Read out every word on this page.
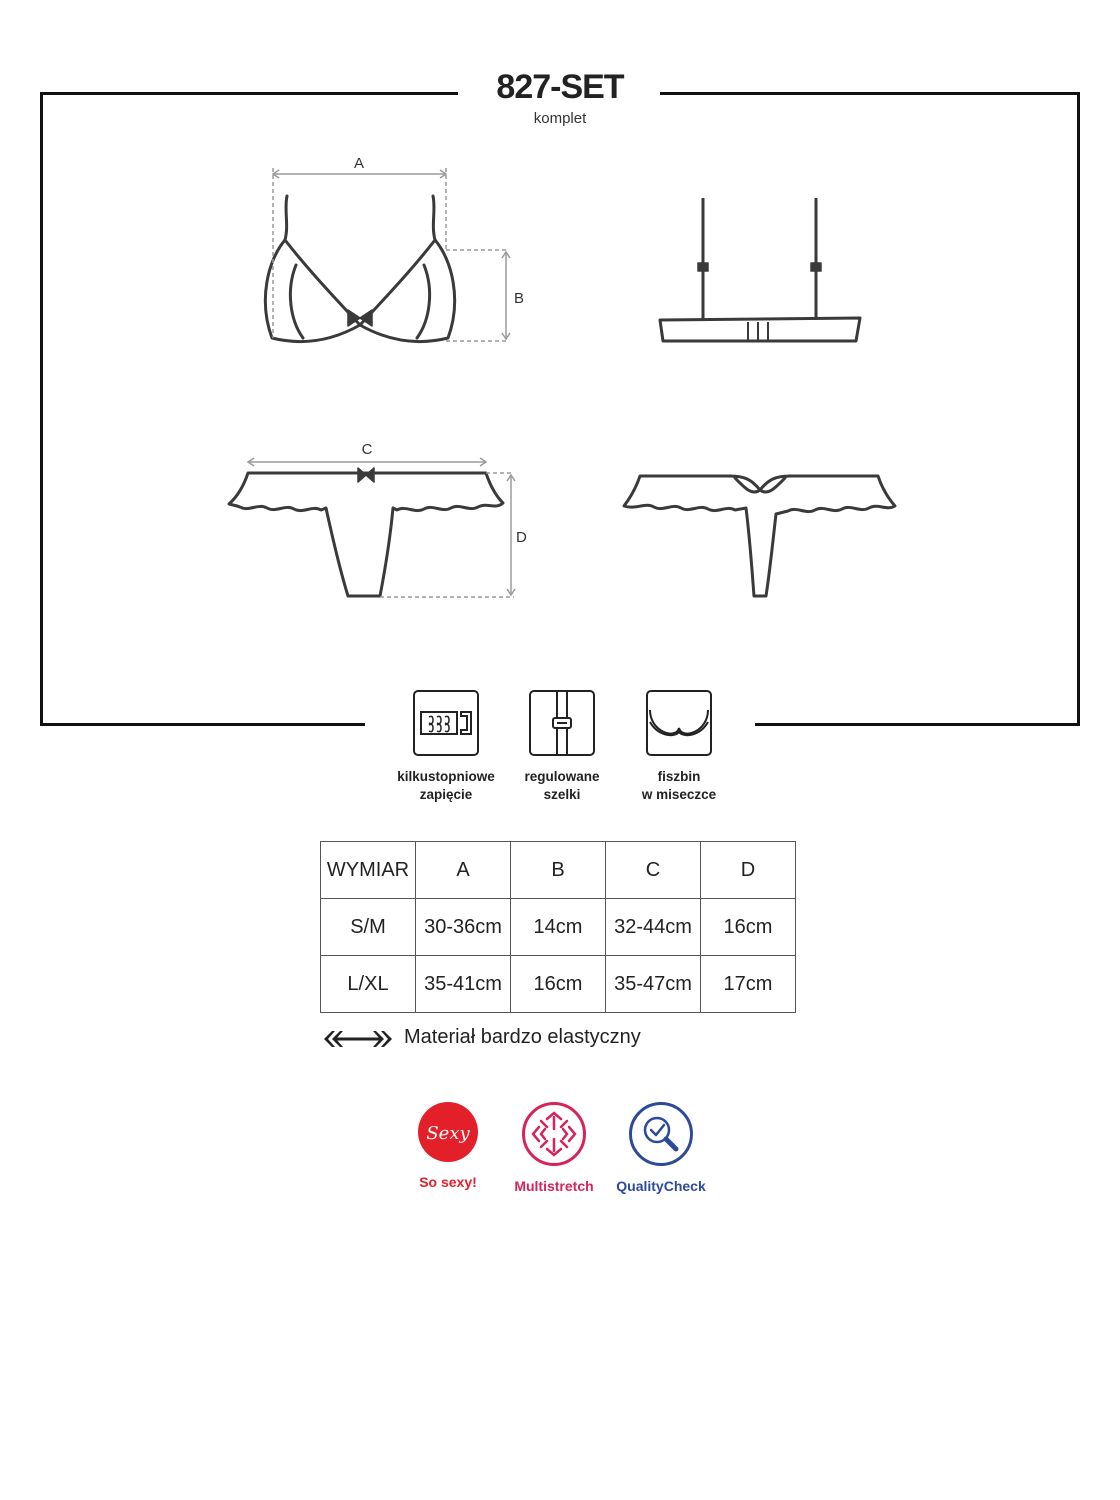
827-SET
komplet
A
B
C
D
kilkustopniowe
zapięcie
regulowane
szelki
fiszbin
w miseczce
WYMIAR	A	B	C	D
S/M	30-36cm	14cm	32-44cm	16cm
L/XL	35-41cm	16cm	35-47cm	17cm
Materiał bardzo elastyczny
Sexy
So sexy!	Multistretch	QualityCheck
